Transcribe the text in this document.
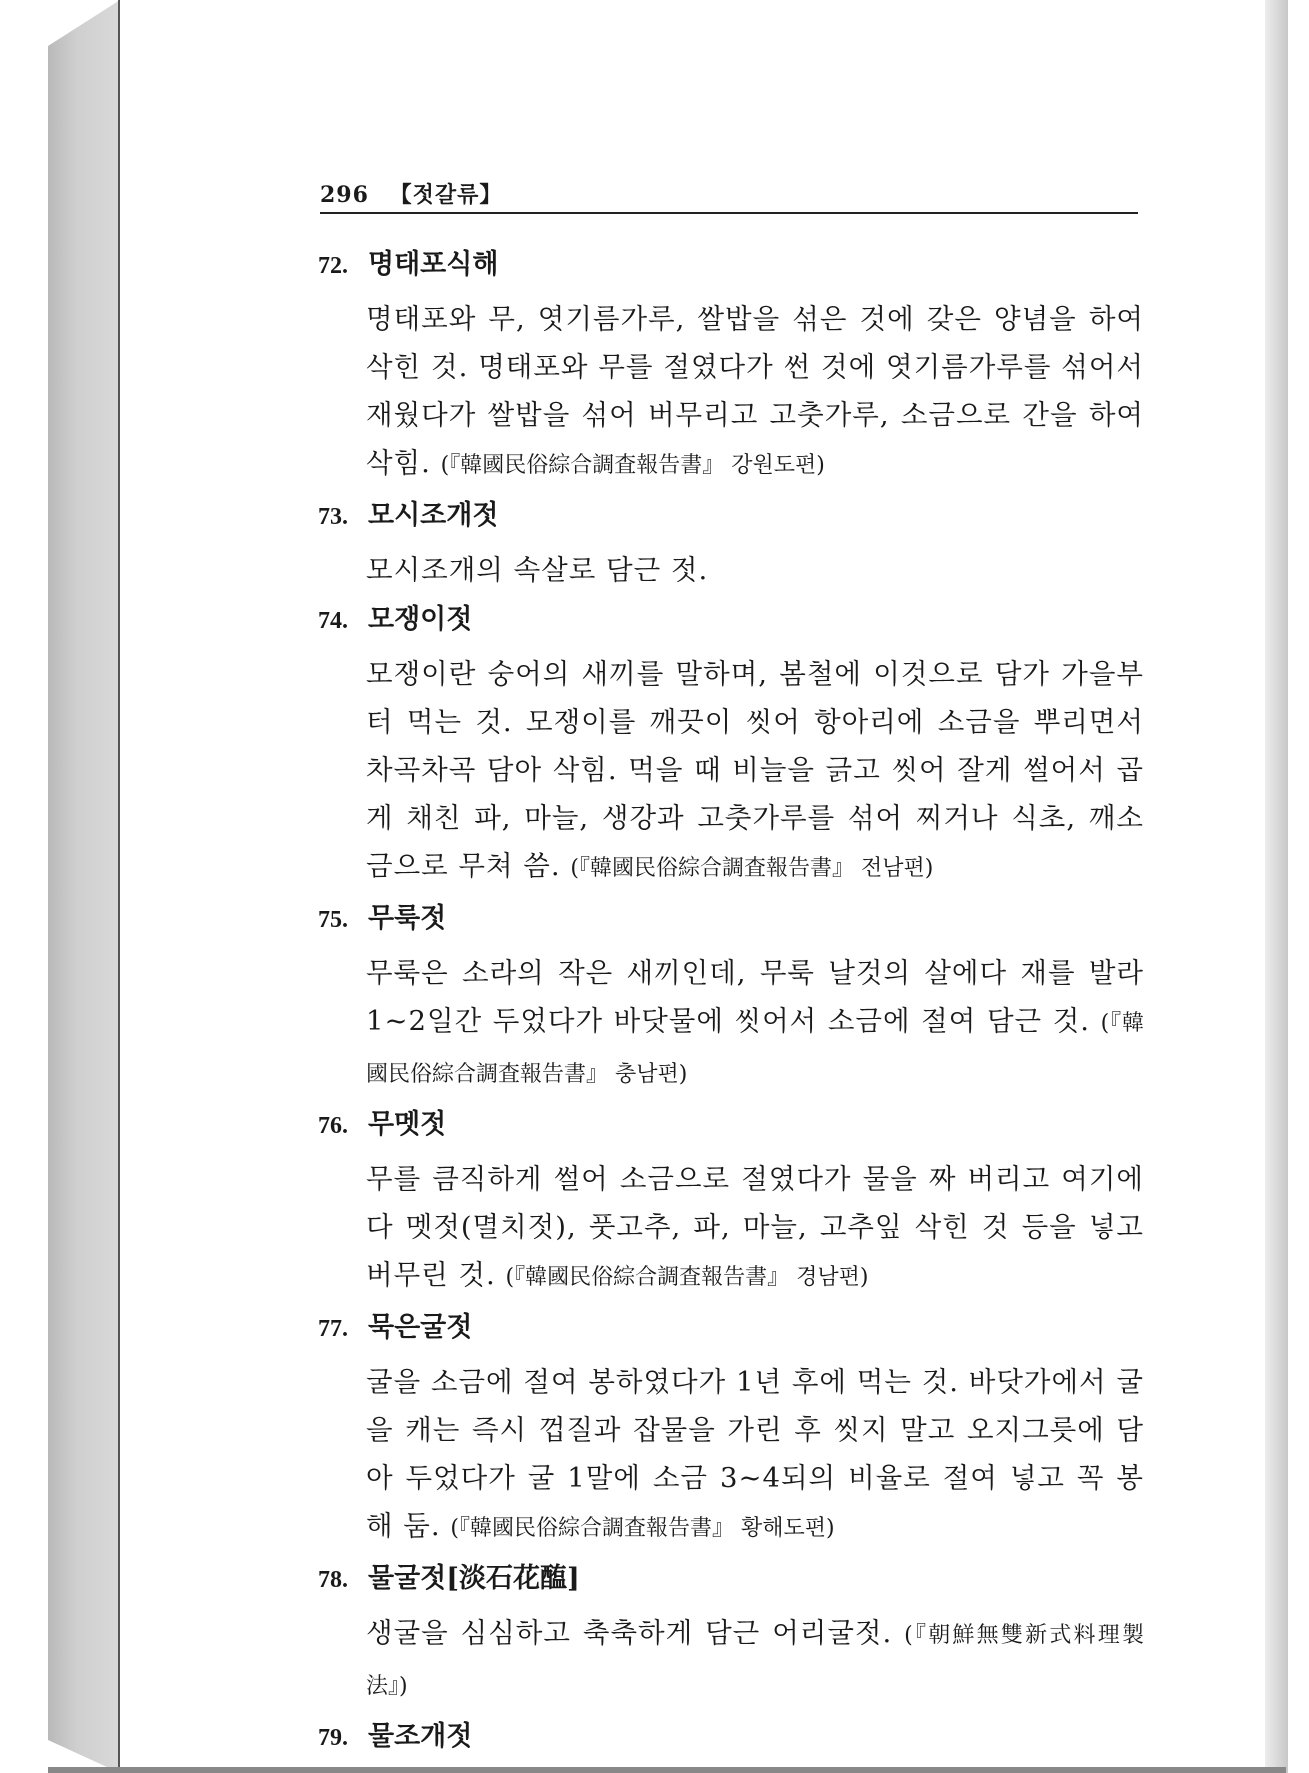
296 【젓갈류】
72. 명태포식해
명태포와 무, 엿기름가루, 쌀밥을 섞은 것에 갖은 양념을 하여 삭힌 것. 명태포와 무를 절였다가 썬 것에 엿기름가루를 섞어서 재웠다가 쌀밥을 섞어 버무리고 고춧가루, 소금으로 간을 하여 삭힘. (『韓國民俗綜合調査報告書』 강원도편)
73. 모시조개젓
모시조개의 속살로 담근 젓.
74. 모쟁이젓
모쟁이란 숭어의 새끼를 말하며, 봄철에 이것으로 담가 가을부터 먹는 것. 모쟁이를 깨끗이 씻어 항아리에 소금을 뿌리면서 차곡차곡 담아 삭힘. 먹을 때 비늘을 긁고 씻어 잘게 썰어서 곱게 채친 파, 마늘, 생강과 고춧가루를 섞어 찌거나 식초, 깨소금으로 무쳐 씀. (『韓國民俗綜合調査報告書』 전남편)
75. 무룩젓
무룩은 소라의 작은 새끼인데, 무룩 날것의 살에다 재를 발라 1~2일간 두었다가 바닷물에 씻어서 소금에 절여 담근 것. (『韓國民俗綜合調査報告書』 충남편)
76. 무멧젓
무를 큼직하게 썰어 소금으로 절였다가 물을 짜 버리고 여기에다 멧젓(멸치젓), 풋고추, 파, 마늘, 고추잎 삭힌 것 등을 넣고 버무린 것. (『韓國民俗綜合調査報告書』 경남편)
77. 묵은굴젓
굴을 소금에 절여 봉하였다가 1년 후에 먹는 것. 바닷가에서 굴을 캐는 즉시 껍질과 잡물을 가린 후 씻지 말고 오지그릇에 담아 두었다가 굴 1말에 소금 3~4되의 비율로 절여 넣고 꼭 봉해 둠. (『韓國民俗綜合調査報告書』 황해도편)
78. 물굴젓[淡石花醢]
생굴을 심심하고 축축하게 담근 어리굴젓. (『朝鮮無雙新式料理製法』)
79. 물조개젓
